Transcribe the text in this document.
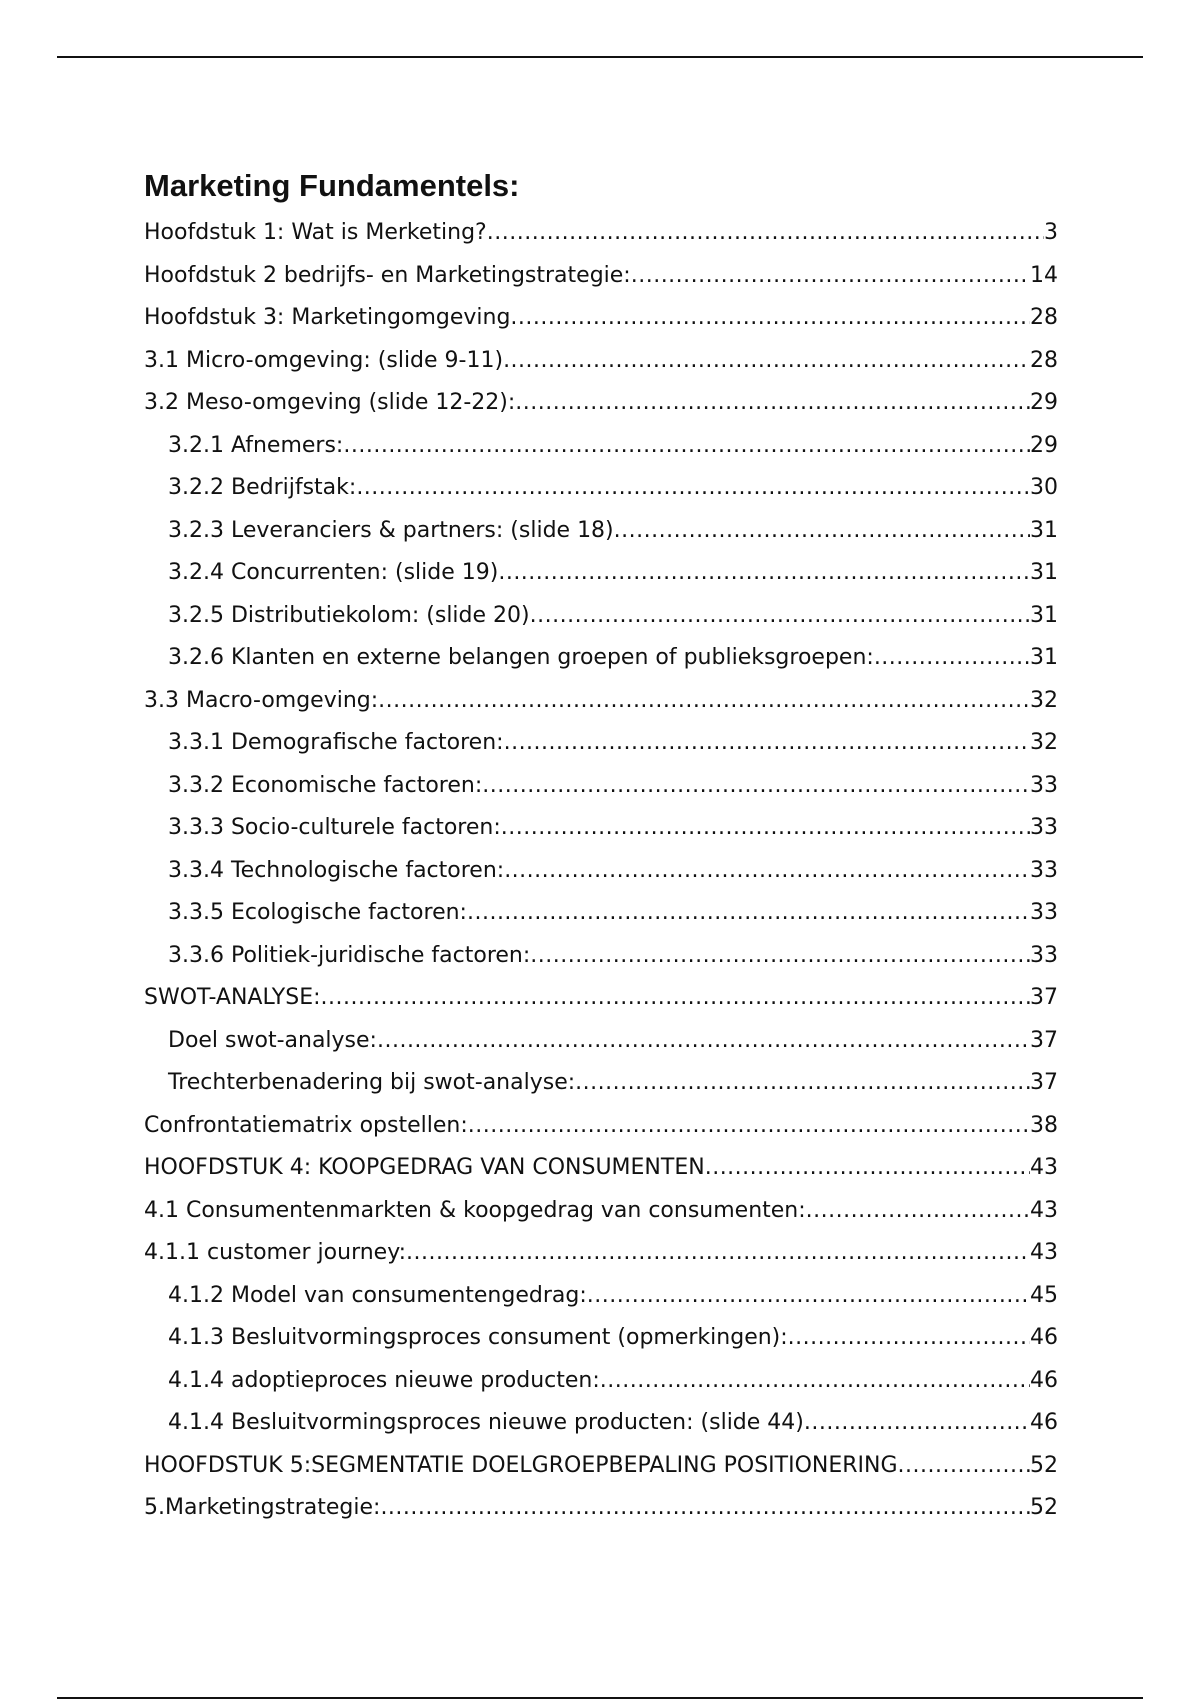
Marketing Fundamentels:
Hoofdstuk 1: Wat is Merketing? .....	3
Hoofdstuk 2 bedrijfs- en Marketingstrategie: .....	14
Hoofdstuk 3: Marketingomgeving .....	28
3.1 Micro-omgeving: (slide 9-11) .....	28
3.2 Meso-omgeving (slide 12-22): .....	29
3.2.1 Afnemers: .....	29
3.2.2 Bedrijfstak: .....	30
3.2.3 Leveranciers & partners: (slide 18) .....	31
3.2.4 Concurrenten: (slide 19) .....	31
3.2.5 Distributiekolom: (slide 20) .....	31
3.2.6 Klanten en externe belangen groepen of publieksgroepen: .....	31
3.3 Macro-omgeving: .....	32
3.3.1 Demografische factoren: .....	32
3.3.2 Economische factoren: .....	33
3.3.3 Socio-culturele factoren: .....	33
3.3.4 Technologische factoren: .....	33
3.3.5 Ecologische factoren: .....	33
3.3.6 Politiek-juridische factoren: .....	33
SWOT-ANALYSE: .....	37
Doel swot-analyse: .....	37
Trechterbenadering bij swot-analyse: .....	37
Confrontatiematrix opstellen: .....	38
HOOFDSTUK 4: KOOPGEDRAG VAN CONSUMENTEN .....	43
4.1 Consumentenmarkten & koopgedrag van consumenten: .....	43
4.1.1 customer journey: .....	43
4.1.2 Model van consumentengedrag: .....	45
4.1.3 Besluitvormingsproces consument (opmerkingen): .....	46
4.1.4 adoptieproces nieuwe producten: .....	46
4.1.4 Besluitvormingsproces nieuwe producten: (slide 44) .....	46
HOOFDSTUK 5:SEGMENTATIE DOELGROEPBEPALING POSITIONERING .....	52
5.Marketingstrategie: .....	52
